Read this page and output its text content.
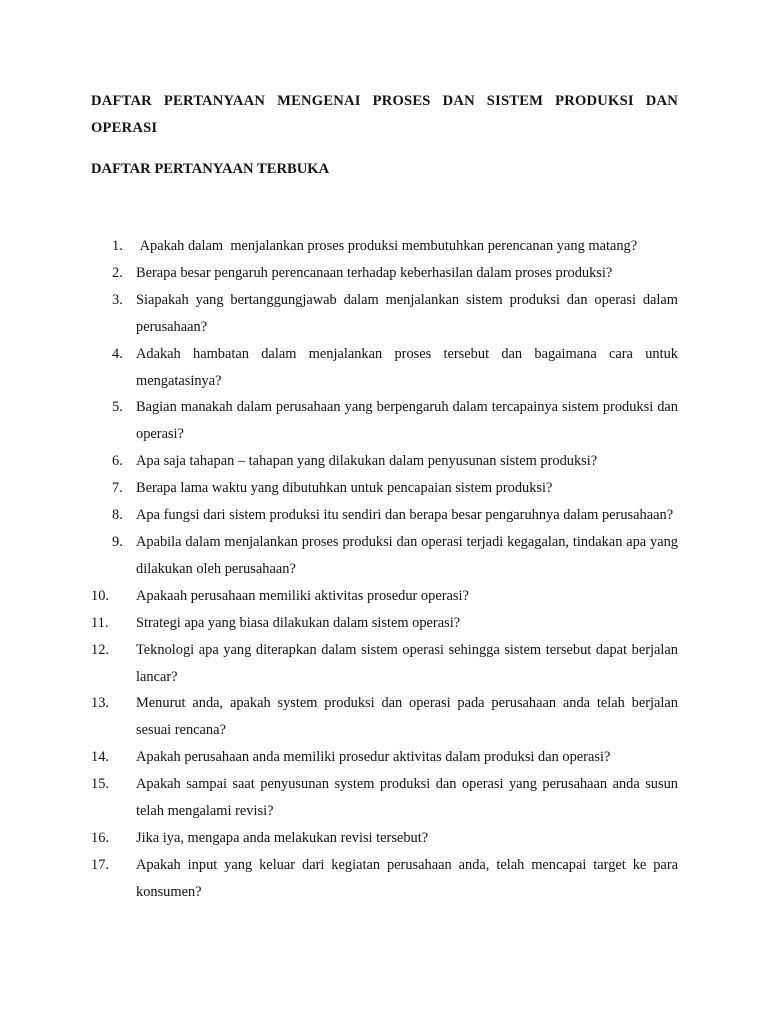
DAFTAR PERTANYAAN MENGENAI PROSES DAN SISTEM PRODUKSI DAN OPERASI

DAFTAR PERTANYAAN TERBUKA

1. Apakah dalam  menjalankan proses produksi membutuhkan perencanan yang matang?
2. Berapa besar pengaruh perencanaan terhadap keberhasilan dalam proses produksi?
3. Siapakah yang bertanggungjawab dalam menjalankan sistem produksi dan operasi dalam perusahaan?
4. Adakah hambatan dalam menjalankan proses tersebut dan bagaimana cara untuk mengatasinya?
5. Bagian manakah dalam perusahaan yang berpengaruh dalam tercapainya sistem produksi dan operasi?
6. Apa saja tahapan – tahapan yang dilakukan dalam penyusunan sistem produksi?
7. Berapa lama waktu yang dibutuhkan untuk pencapaian sistem produksi?
8. Apa fungsi dari sistem produksi itu sendiri dan berapa besar pengaruhnya dalam perusahaan?
9. Apabila dalam menjalankan proses produksi dan operasi terjadi kegagalan, tindakan apa yang dilakukan oleh perusahaan?
10. Apakaah perusahaan memiliki aktivitas prosedur operasi?
11. Strategi apa yang biasa dilakukan dalam sistem operasi?
12. Teknologi apa yang diterapkan dalam sistem operasi sehingga sistem tersebut dapat berjalan lancar?
13. Menurut anda, apakah system produksi dan operasi pada perusahaan anda telah berjalan sesuai rencana?
14. Apakah perusahaan anda memiliki prosedur aktivitas dalam produksi dan operasi?
15. Apakah sampai saat penyusunan system produksi dan operasi yang perusahaan anda susun telah mengalami revisi?
16. Jika iya, mengapa anda melakukan revisi tersebut?
17. Apakah input yang keluar dari kegiatan perusahaan anda, telah mencapai target ke para konsumen?
